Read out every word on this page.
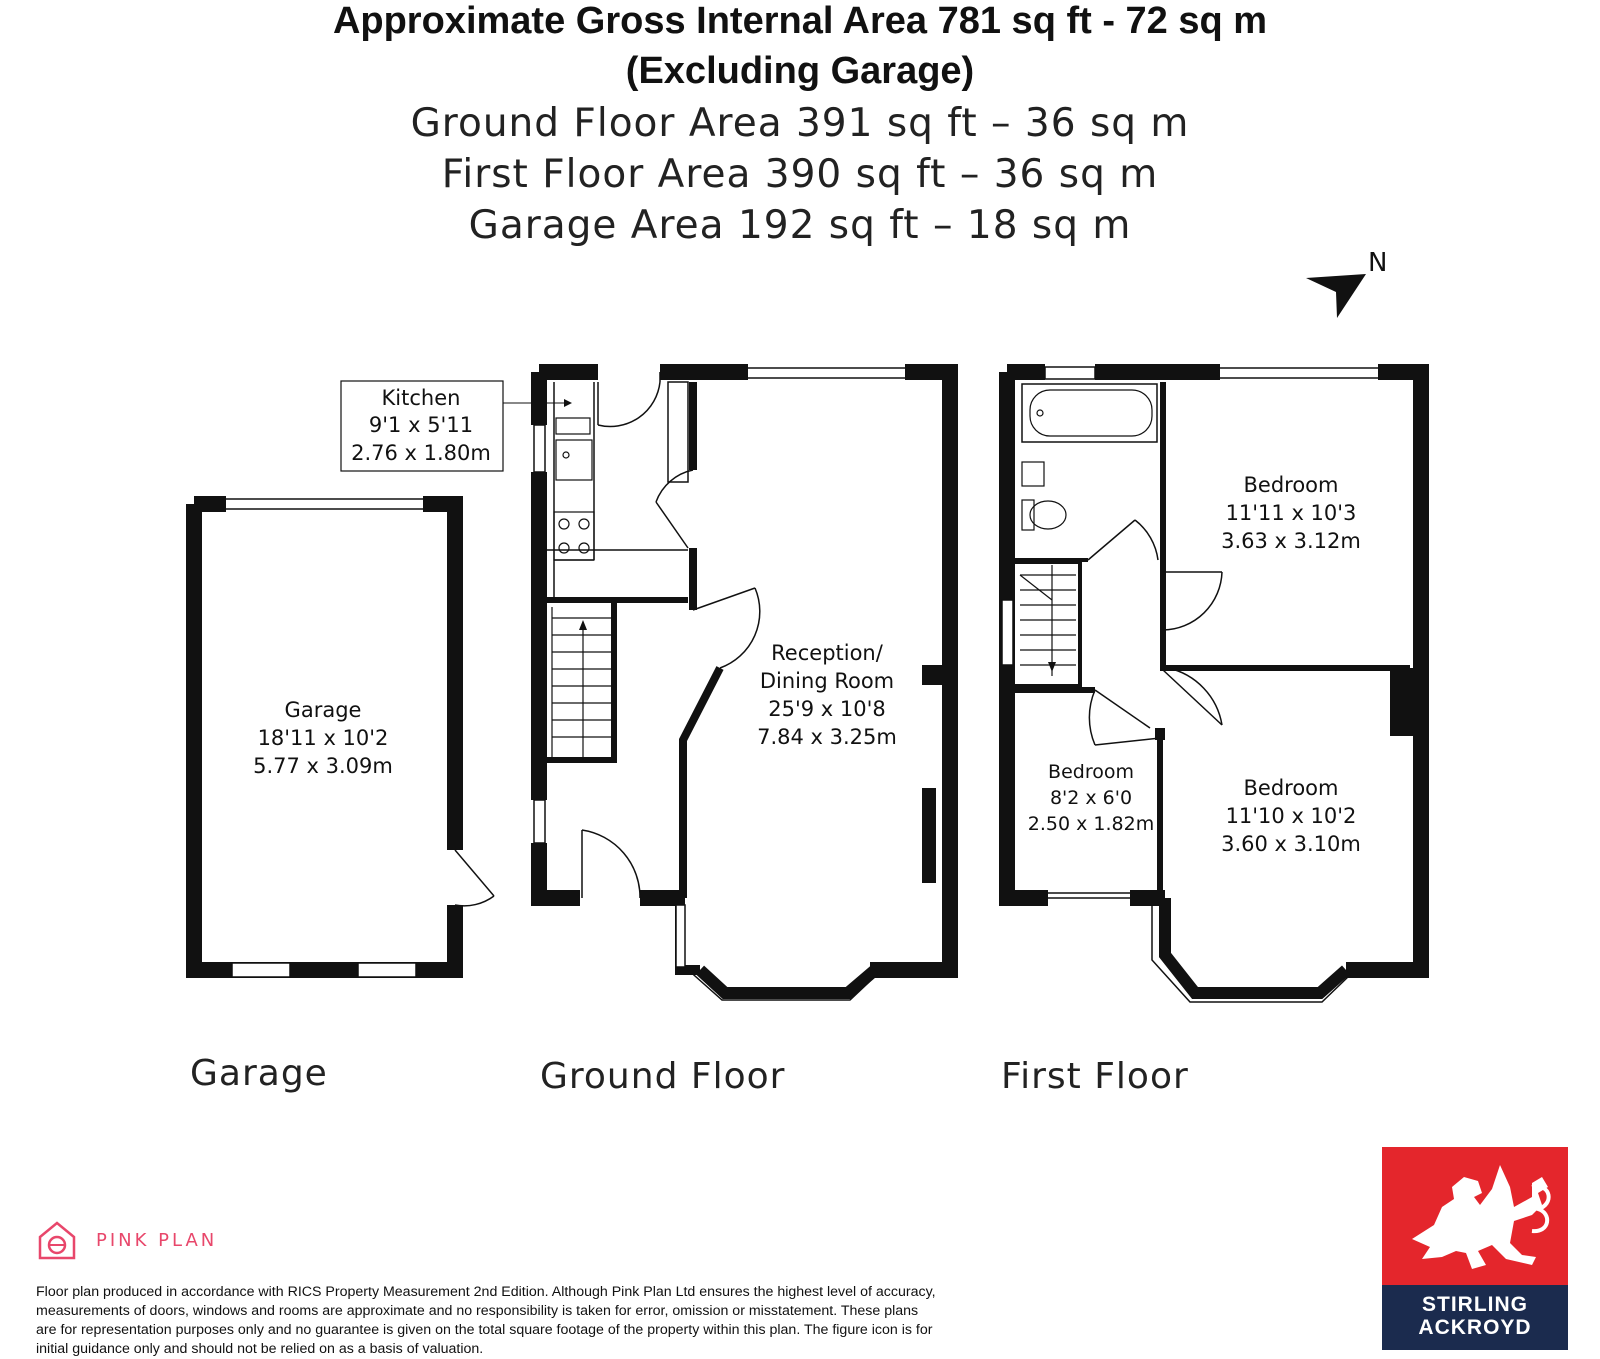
Approximate Gross Internal Area 781 sq ft - 72 sq m
(Excluding Garage)
Ground Floor Area 391 sq ft – 36 sq m
First Floor Area 390 sq ft – 36 sq m
Garage Area 192 sq ft – 18 sq m
N
Kitchen
9'1 x 5'11
2.76 x 1.80m
Garage
18'11 x 10'2
5.77 x 3.09m
Reception/
Dining Room
25'9 x 10'8
7.84 x 3.25m
Bedroom
11'11 x 10'3
3.63 x 3.12m
Bedroom
8'2 x 6'0
2.50 x 1.82m
Bedroom
11'10 x 10'2
3.60 x 3.10m
Garage	Ground Floor	First Floor
PINK PLAN
Floor plan produced in accordance with RICS Property Measurement 2nd Edition. Although Pink Plan Ltd ensures the highest level of accuracy, measurements of doors, windows and rooms are approximate and no responsibility is taken for error, omission or misstatement. These plans are for representation purposes only and no guarantee is given on the total square footage of the property within this plan. The figure icon is for initial guidance only and should not be relied on as a basis of valuation.
STIRLING
ACKROYD
